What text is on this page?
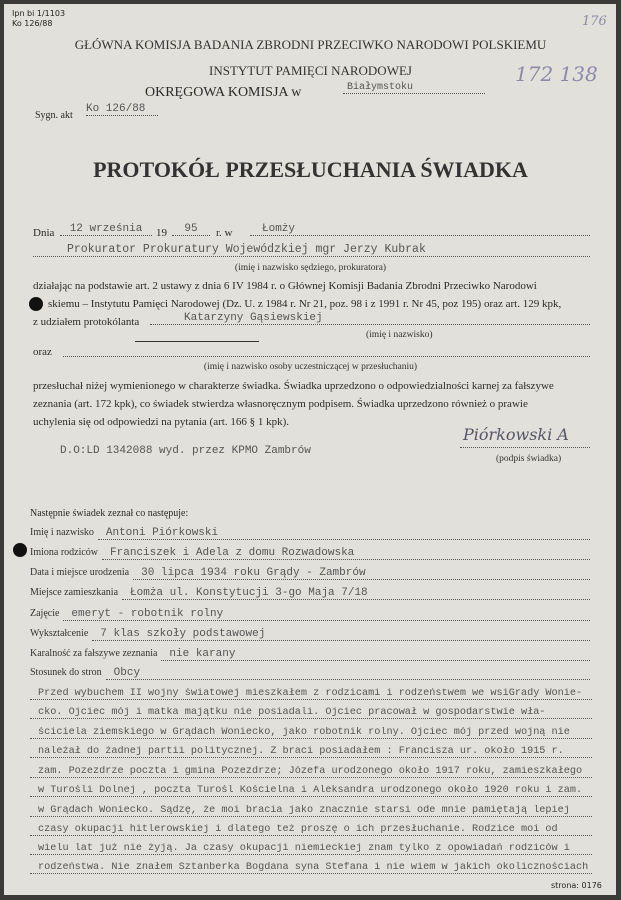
Ipn bi 1/1103
Ko 126/88	176
172 138
GŁÓWNA KOMISJA BADANIA ZBRODNI PRZECIWKO NARODOWI POLSKIEMU
INSTYTUT PAMIĘCI NARODOWEJ
OKRĘGOWA KOMISJA w	Białymstoku
Sygn. akt
Ko 126/88
PROTOKÓŁ PRZESŁUCHANIA ŚWIADKA
Dnia	12 września	19	95	r. w	Łomży
Prokurator Prokuratury Wojewódzkiej mgr Jerzy Kubrak
(imię i nazwisko sędziego, prokuratora)
działając na podstawie art. 2 ustawy z dnia 6 IV 1984 r. o Głównej Komisji Badania Zbrodni Przeciwko Narodowi
skiemu – Instytutu Pamięci Narodowej (Dz. U. z 1984 r. Nr 21, poz. 98 i z 1991 r. Nr 45, poz 195) oraz art. 129 kpk,
z udziałem protokólanta	Katarzyny Gąsiewskiej
(imię i nazwisko)
oraz
(imię i nazwisko osoby uczestniczącej w przesłuchaniu)
przesłuchał niżej wymienionego w charakterze świadka. Świadka uprzedzono o odpowiedzialności karnej za fałszywe
zeznania (art. 172 kpk), co świadek stwierdza własnoręcznym podpisem. Świadka uprzedzono również o prawie
uchylenia się od odpowiedzi na pytania (art. 166 § 1 kpk).
Piórkowski A
D.O:LD 1342088 wyd. przez KPMO Zambrów
(podpis świadka)
Następnie świadek zeznał co następuje:
Imię i nazwisko	Antoni Piórkowski
Imiona rodziców	Franciszek i Adela z domu Rozwadowska
Data i miejsce urodzenia	30 lipca 1934 roku Grądy - Zambrów
Miejsce zamieszkania	Łomża ul. Konstytucji 3-go Maja 7/18
Zajęcie	emeryt - robotnik rolny
Wykształcenie	7 klas szkoły podstawowej
Karalność za fałszywe zeznania	nie karany
Stosunek do stron	Obcy
Przed wybuchem II wojny światowej mieszkałem z rodzicami i rodzeństwem we wsiGrady Wonie-
cko. Ojciec mój i matka majątku nie posiadali. Ojciec pracował w gospodarstwie wła-
ściciela ziemskiego w Grądach Woniecko, jako robotnik rolny. Ojciec mój przed wojną nie
należał do żadnej partii politycznej. Z braci posiadałem : Francisza ur. około 1915 r.
zam. Pozezdrze poczta i gmina Pozezdrze; Józefa urodzonego około 1917 roku, zamieszkałego
w Turośli Dolnej , poczta Turośl Kościelna i Aleksandra urodzonego około 1920 roku i zam.
w Grądach Woniecko. Sądzę, że moi bracia jako znacznie starsi ode mnie pamiętają lepiej
czasy okupacji hitlerowskiej i dlatego też proszę o ich przesłuchanie. Rodzice moi od
wielu lat już nie żyją. Ja czasy okupacji niemieckiej znam tylko z opowiadań rodziców i
rodzeństwa. Nie znałem Sztanberka Bogdana syna Stefana i nie wiem w jakich okolicznościach
strona: 0176
